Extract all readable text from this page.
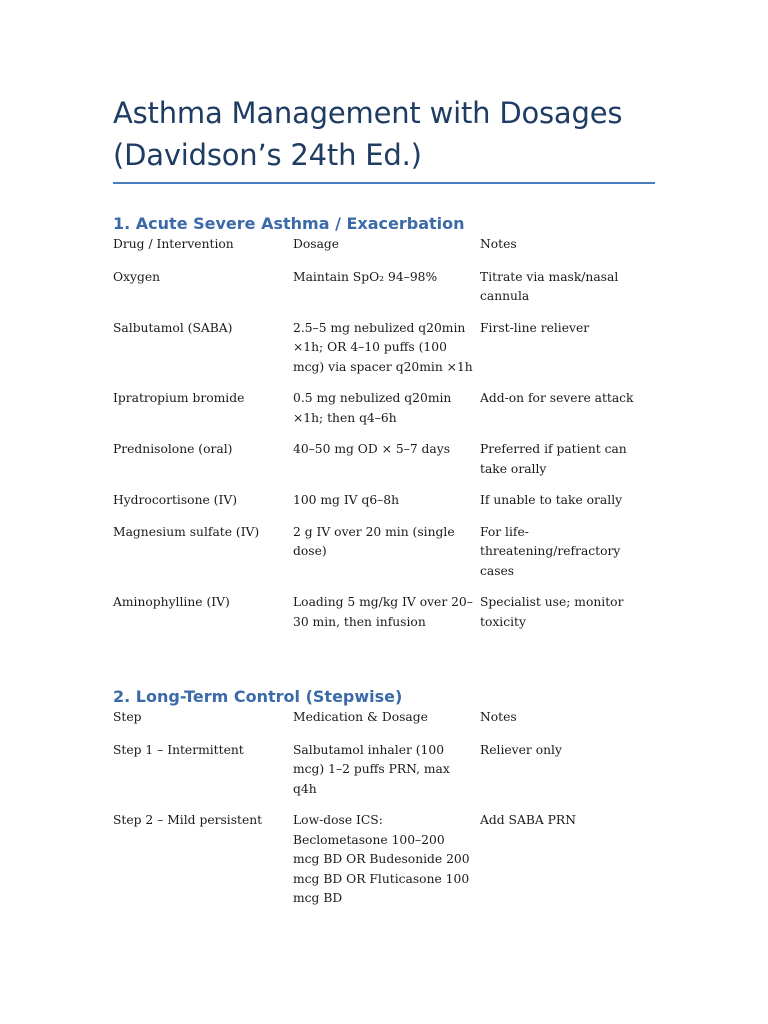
Asthma Management with Dosages
(Davidson’s 24th Ed.)
1. Acute Severe Asthma / Exacerbation
Drug / Intervention	Dosage	Notes
Oxygen	Maintain SpO₂ 94–98%	Titrate via mask/nasal cannula
Salbutamol (SABA)	2.5–5 mg nebulized q20min ×1h; OR 4–10 puffs (100 mcg) via spacer q20min ×1h	First-line reliever
Ipratropium bromide	0.5 mg nebulized q20min ×1h; then q4–6h	Add-on for severe attack
Prednisolone (oral)	40–50 mg OD × 5–7 days	Preferred if patient can take orally
Hydrocortisone (IV)	100 mg IV q6–8h	If unable to take orally
Magnesium sulfate (IV)	2 g IV over 20 min (single dose)	For life-threatening/refractory cases
Aminophylline (IV)	Loading 5 mg/kg IV over 20–30 min, then infusion	Specialist use; monitor toxicity
2. Long-Term Control (Stepwise)
Step	Medication & Dosage	Notes
Step 1 – Intermittent	Salbutamol inhaler (100 mcg) 1–2 puffs PRN, max q4h	Reliever only
Step 2 – Mild persistent	Low-dose ICS: Beclometasone 100–200 mcg BD OR Budesonide 200 mcg BD OR Fluticasone 100 mcg BD	Add SABA PRN
